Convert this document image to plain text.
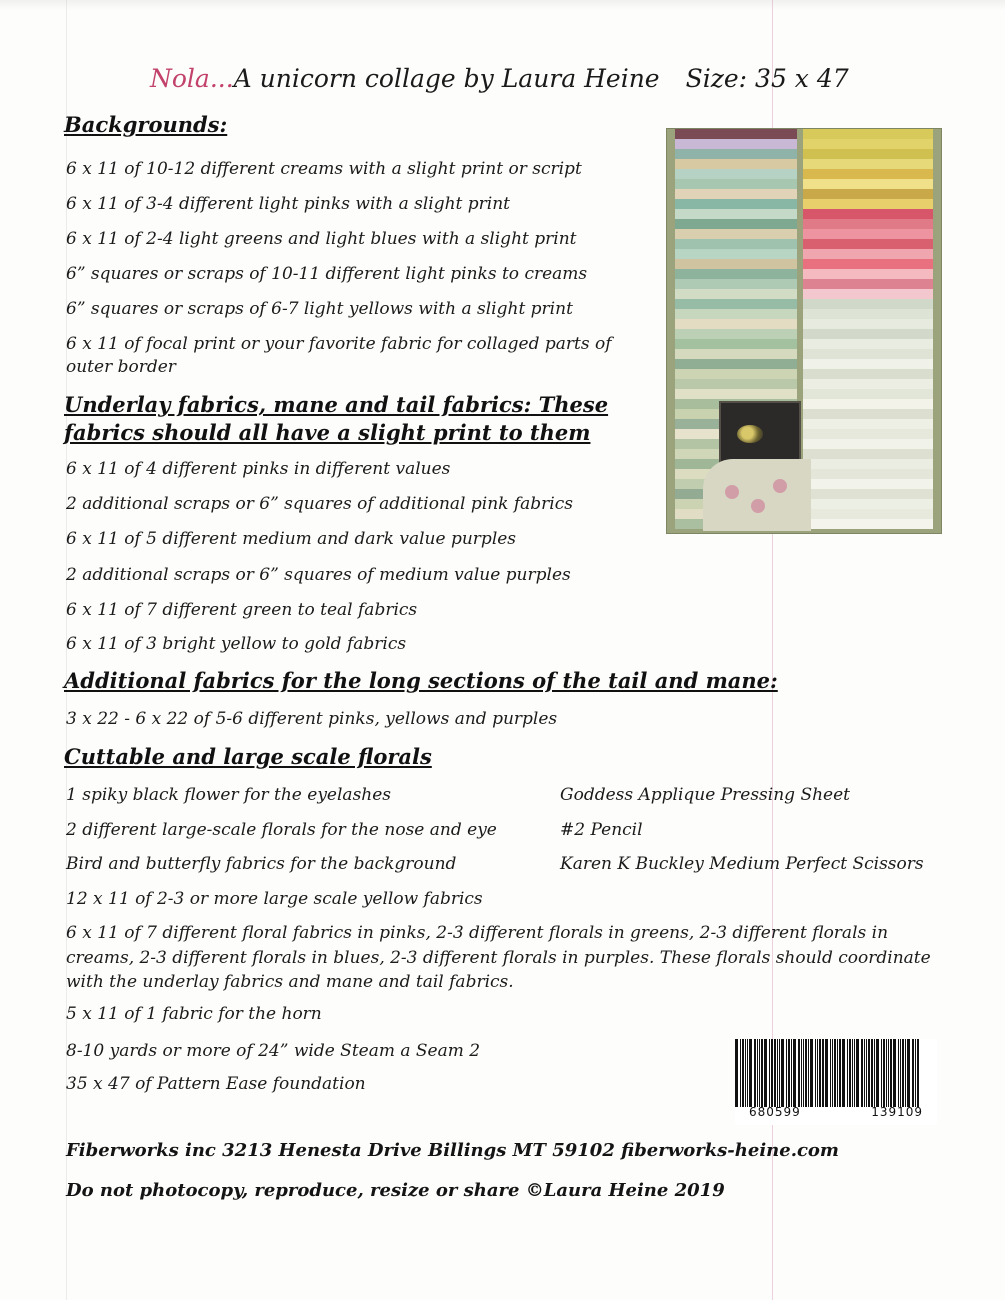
Nola...A unicorn collage by Laura Heine Size: 35 x 47
Backgrounds:
6 x 11 of 10-12 different creams with a slight print or script
6 x 11 of 3-4 different light pinks with a slight print
6 x 11 of 2-4 light greens and light blues with a slight print
6” squares or scraps of 10-11 different light pinks to creams
6” squares or scraps of 6-7 light yellows with a slight print
6 x 11 of focal print or your favorite fabric for collaged parts of outer border
Underlay fabrics, mane and tail fabrics: These
fabrics should all have a slight print to them
6 x 11 of 4 different pinks in different values
2 additional scraps or 6” squares of additional pink fabrics
6 x 11 of 5 different medium and dark value purples
2 additional scraps or 6” squares of medium value purples
6 x 11 of 7 different green to teal fabrics
6 x 11 of 3 bright yellow to gold fabrics
Additional fabrics for the long sections of the tail and mane:
3 x 22 - 6 x 22 of 5-6 different pinks, yellows and purples
Cuttable and large scale florals
1 spiky black flower for the eyelashes
2 different large-scale florals for the nose and eye
Bird and butterfly fabrics for the background
12 x 11 of 2-3 or more large scale yellow fabrics
Goddess Applique Pressing Sheet
#2 Pencil
Karen K Buckley Medium Perfect Scissors
6 x 11 of 7 different floral fabrics in pinks, 2-3 different florals in greens, 2-3 different florals in creams, 2-3 different florals in blues, 2-3 different florals in purples. These florals should coordinate with the underlay fabrics and mane and tail fabrics.
5 x 11 of 1 fabric for the horn
8-10 yards or more of 24” wide Steam a Seam 2
35 x 47 of Pattern Ease foundation
680599	139109
Fiberworks inc 3213 Henesta Drive Billings MT 59102 fiberworks-heine.com
Do not photocopy, reproduce, resize or share ©Laura Heine 2019
